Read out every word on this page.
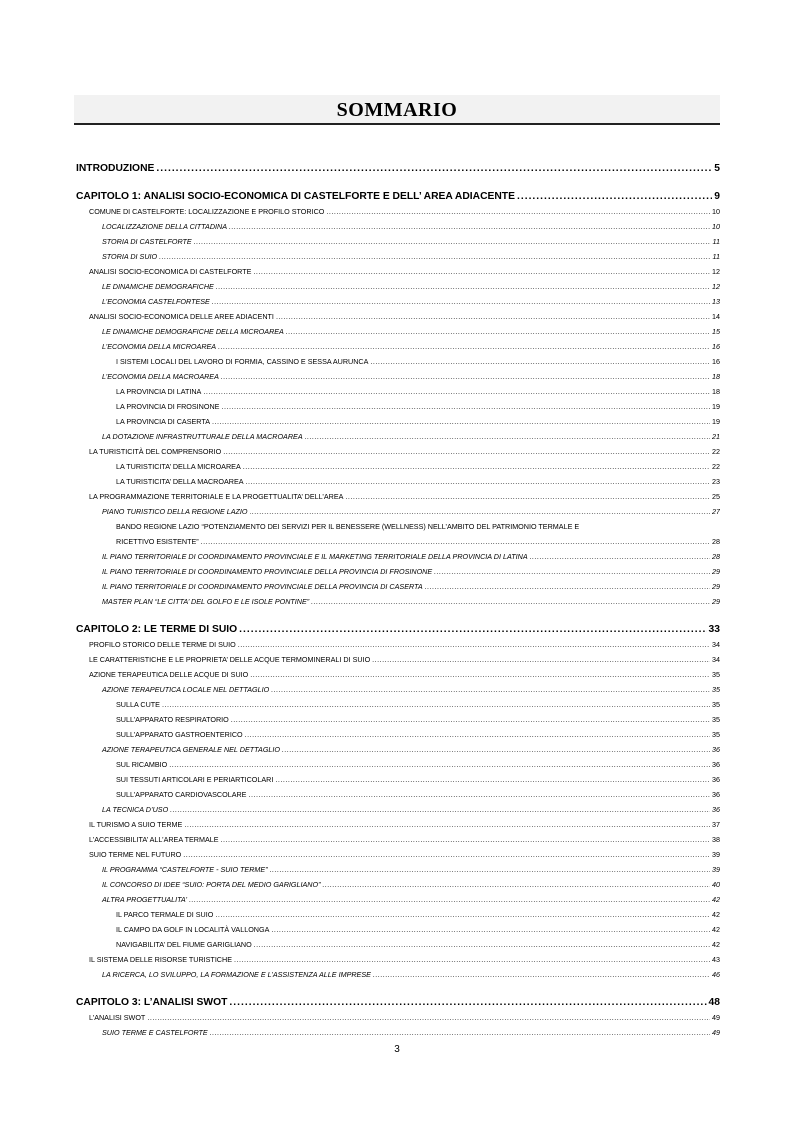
SOMMARIO
INTRODUZIONE .....	5
CAPITOLO 1: ANALISI SOCIO-ECONOMICA DI CASTELFORTE E DELL’ AREA ADIACENTE .....	9
COMUNE DI CASTELFORTE: LOCALIZZAZIONE E PROFILO STORICO .....	10
LOCALIZZAZIONE DELLA CITTADINA .....	10
STORIA DI CASTELFORTE .....	11
STORIA DI SUIO .....	11
ANALISI SOCIO-ECONOMICA DI CASTELFORTE .....	12
LE DINAMICHE DEMOGRAFICHE .....	12
L’ECONOMIA CASTELFORTESE .....	13
ANALISI SOCIO-ECONOMICA DELLE AREE ADIACENTI .....	14
LE DINAMICHE DEMOGRAFICHE DELLA MICROAREA .....	15
L’ECONOMIA DELLA MICROAREA .....	16
I SISTEMI LOCALI DEL LAVORO DI FORMIA, CASSINO E SESSA AURUNCA .....	16
L’ECONOMIA DELLA MACROAREA .....	18
LA PROVINCIA DI LATINA .....	18
LA PROVINCIA DI FROSINONE .....	19
LA PROVINCIA DI CASERTA .....	19
LA DOTAZIONE INFRASTRUTTURALE DELLA MACROAREA .....	21
LA TURISTICITÀ DEL COMPRENSORIO .....	22
LA TURISTICITA’ DELLA MICROAREA .....	22
LA TURISTICITA’ DELLA MACROAREA .....	23
LA PROGRAMMAZIONE TERRITORIALE E LA PROGETTUALITA’ DELL’AREA .....	25
PIANO TURISTICO DELLA REGIONE LAZIO .....	27
BANDO REGIONE LAZIO “POTENZIAMENTO DEI SERVIZI PER IL BENESSERE (WELLNESS) NELL’AMBITO DEL PATRIMONIO TERMALE E
RICETTIVO ESISTENTE” .....	28
IL PIANO TERRITORIALE DI COORDINAMENTO PROVINCIALE E IL MARKETING TERRITORIALE DELLA PROVINCIA DI LATINA .....	28
IL PIANO TERRITORIALE DI COORDINAMENTO PROVINCIALE DELLA PROVINCIA DI FROSINONE .....	29
IL PIANO TERRITORIALE DI COORDINAMENTO PROVINCIALE DELLA PROVINCIA DI CASERTA .....	29
MASTER PLAN “LE CITTA’ DEL GOLFO E LE ISOLE PONTINE” .....	29
CAPITOLO 2: LE TERME DI SUIO .....	33
PROFILO STORICO DELLE TERME DI SUIO .....	34
LE CARATTERISTICHE E LE PROPRIETA’ DELLE ACQUE TERMOMINERALI DI SUIO .....	34
AZIONE TERAPEUTICA DELLE ACQUE DI SUIO .....	35
AZIONE TERAPEUTICA LOCALE NEL DETTAGLIO .....	35
SULLA CUTE .....	35
SULL’APPARATO RESPIRATORIO .....	35
SULL’APPARATO GASTROENTERICO .....	35
AZIONE TERAPEUTICA GENERALE NEL DETTAGLIO .....	36
SUL RICAMBIO .....	36
SUI TESSUTI ARTICOLARI E PERIARTICOLARI .....	36
SULL’APPARATO CARDIOVASCOLARE .....	36
LA TECNICA D’USO .....	36
IL TURISMO A SUIO TERME .....	37
L’ACCESSIBILITA’ ALL’AREA TERMALE .....	38
SUIO TERME NEL FUTURO .....	39
IL PROGRAMMA “CASTELFORTE - SUIO TERME” .....	39
IL CONCORSO DI IDEE “SUIO: PORTA DEL MEDIO GARIGLIANO” .....	40
ALTRA PROGETTUALITA’ .....	42
IL PARCO TERMALE DI SUIO .....	42
IL CAMPO DA GOLF IN LOCALITÀ VALLONGA .....	42
NAVIGABILITA’ DEL FIUME GARIGLIANO .....	42
IL SISTEMA DELLE RISORSE TURISTICHE .....	43
LA RICERCA, LO SVILUPPO, LA FORMAZIONE E L’ASSISTENZA ALLE IMPRESE .....	46
CAPITOLO 3: L’ANALISI SWOT .....	48
L’ANALISI SWOT .....	49
SUIO TERME E CASTELFORTE .....	49
3
